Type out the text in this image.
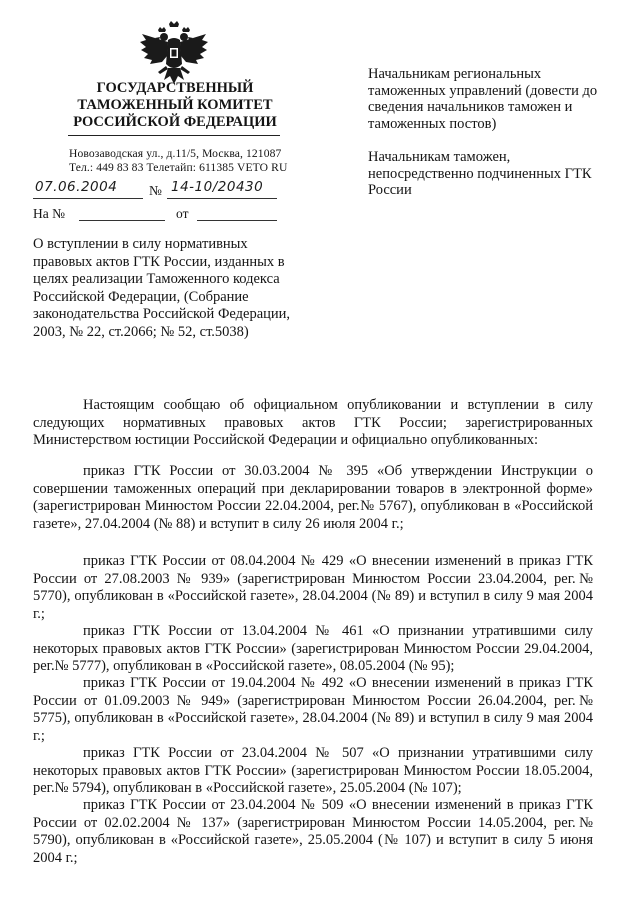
ГОСУДАРСТВЕННЫЙ
ТАМОЖЕННЫЙ КОМИТЕТ
РОССИЙСКОЙ ФЕДЕРАЦИИ
Новозаводская ул., д.11/5, Москва, 121087
Тел.: 449 83 83 Телетайп: 611385 VETO RU
07.06.2004 № 14-10/20430
На №	от

Начальникам региональных таможенных управлений (довести до сведения начальников таможен и таможенных постов)

Начальникам таможен, непосредственно подчиненных ГТК России

О вступлении в силу нормативных правовых актов ГТК России, изданных в целях реализации Таможенного кодекса Российской Федерации, (Собрание законодательства Российской Федерации, 2003, № 22, ст.2066; № 52, ст.5038)

Настоящим сообщаю об официальном опубликовании и вступлении в силу следующих нормативных правовых актов ГТК России; зарегистрированных Министерством юстиции Российской Федерации и официально опубликованных:

приказ ГТК России от 30.03.2004 № 395 «Об утверждении Инструкции о совершении таможенных операций при декларировании товаров в электронной форме» (зарегистрирован Минюстом России 22.04.2004, рег.№ 5767), опубликован в «Российской газете», 27.04.2004 (№ 88) и вступит в силу 26 июля 2004 г.;

приказ ГТК России от 08.04.2004 № 429 «О внесении изменений в приказ ГТК России от 27.08.2003 № 939» (зарегистрирован Минюстом России 23.04.2004, рег.№ 5770), опубликован в «Российской газете», 28.04.2004 (№ 89) и вступил в силу 9 мая 2004 г.;

приказ ГТК России от 13.04.2004 № 461 «О признании утратившими силу некоторых правовых актов ГТК России» (зарегистрирован Минюстом России 29.04.2004, рег.№ 5777), опубликован в «Российской газете», 08.05.2004 (№ 95);

приказ ГТК России от 19.04.2004 № 492 «О внесении изменений в приказ ГТК России от 01.09.2003 № 949» (зарегистрирован Минюстом России 26.04.2004, рег.№ 5775), опубликован в «Российской газете», 28.04.2004 (№ 89) и вступил в силу 9 мая 2004 г.;

приказ ГТК России от 23.04.2004 № 507 «О признании утратившими силу некоторых правовых актов ГТК России» (зарегистрирован Минюстом России 18.05.2004, рег.№ 5794), опубликован в «Российской газете», 25.05.2004 (№ 107);

приказ ГТК России от 23.04.2004 № 509 «О внесении изменений в приказ ГТК России от 02.02.2004 № 137» (зарегистрирован Минюстом России 14.05.2004, рег.№ 5790), опубликован в «Российской газете», 25.05.2004 (№ 107) и вступит в силу 5 июня 2004 г.;
